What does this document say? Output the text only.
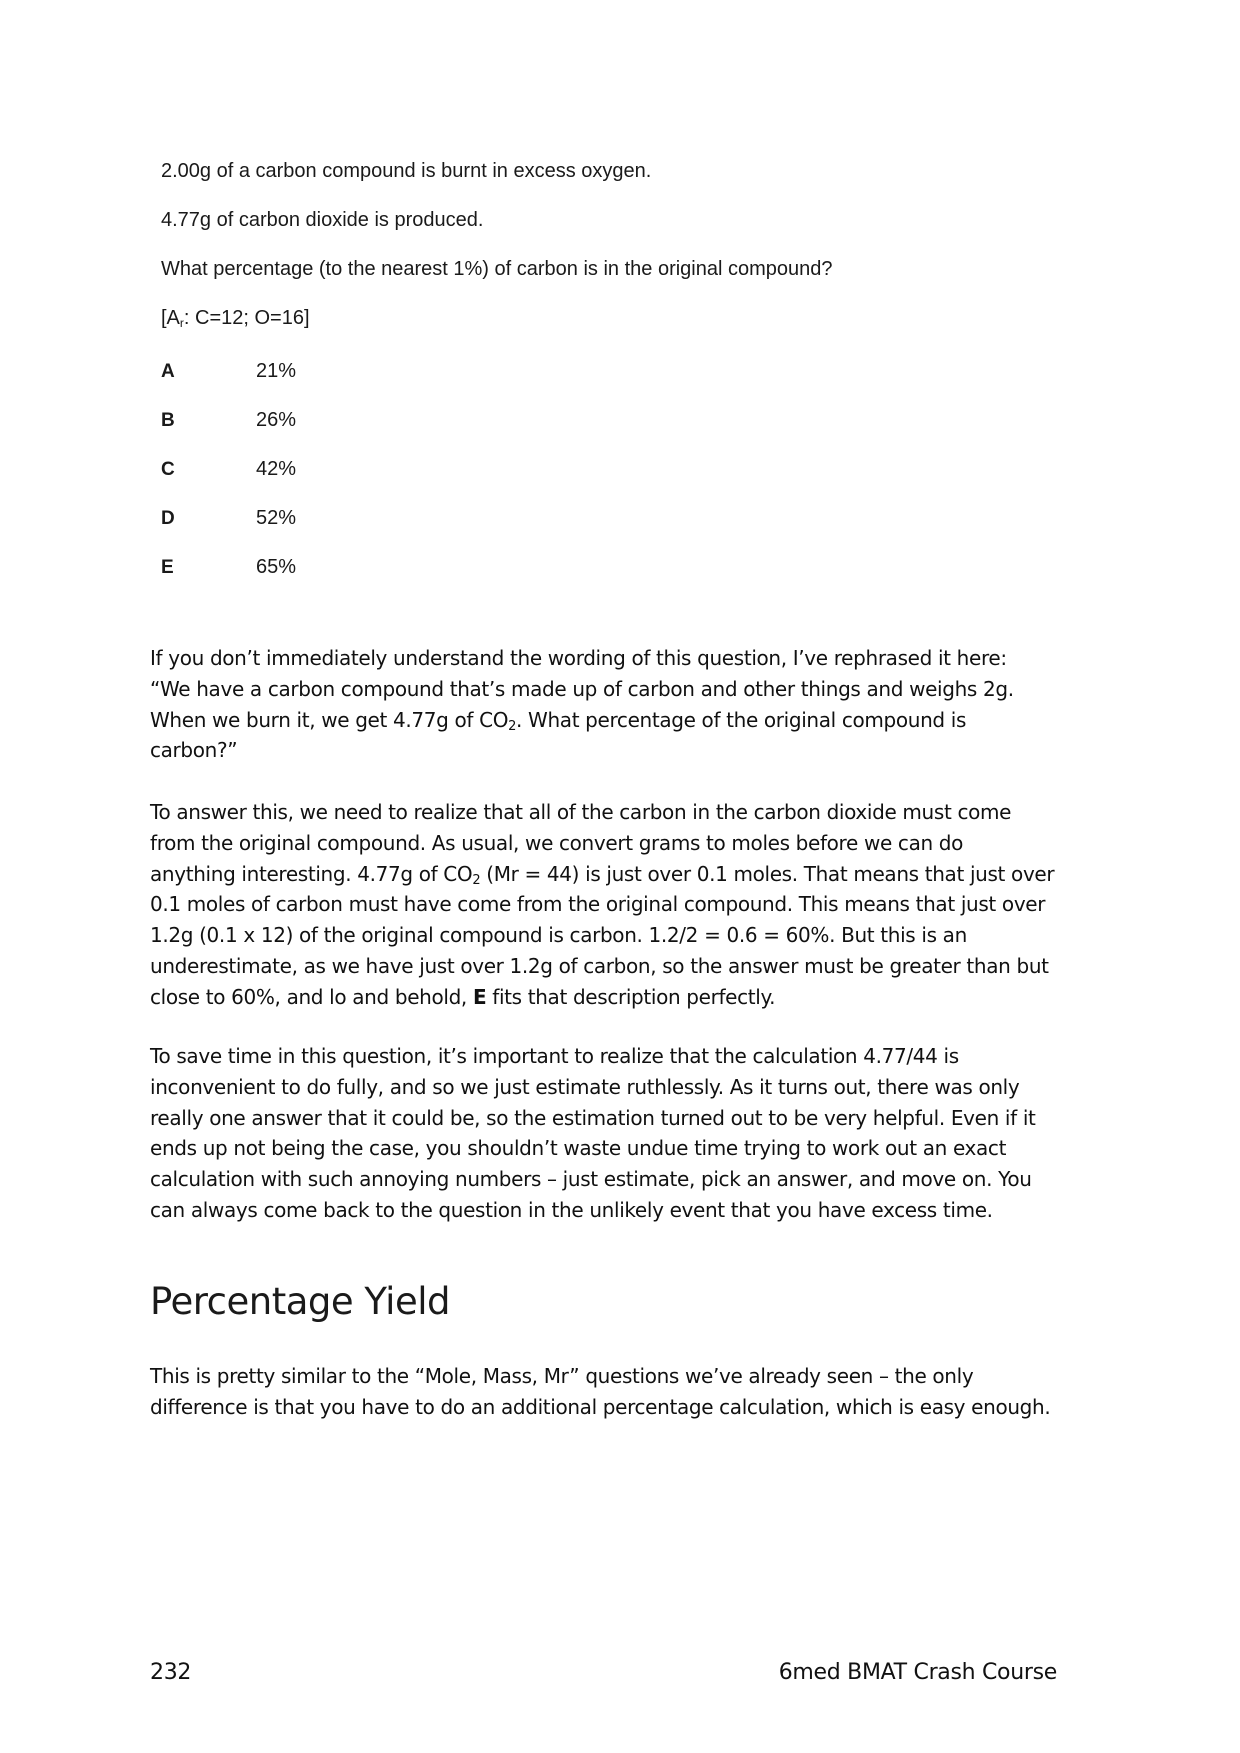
2.00g of a carbon compound is burnt in excess oxygen.
4.77g of carbon dioxide is produced.
What percentage (to the nearest 1%) of carbon is in the original compound?
[$A_r$: C=12; O=16]
A	21%
B	26%
C	42%
D	52%
E	65%
If you don’t immediately understand the wording of this question, I’ve rephrased it here:
“We have a carbon compound that’s made up of carbon and other things and weighs 2g.
When we burn it, we get 4.77g of $CO_2$. What percentage of the original compound is
carbon?”
To answer this, we need to realize that all of the carbon in the carbon dioxide must come
from the original compound. As usual, we convert grams to moles before we can do
anything interesting. 4.77g of $CO_2$ (Mr = 44) is just over 0.1 moles. That means that just over
0.1 moles of carbon must have come from the original compound. This means that just over
1.2g (0.1 x 12) of the original compound is carbon. 1.2/2 = 0.6 = 60%. But this is an
underestimate, as we have just over 1.2g of carbon, so the answer must be greater than but
close to 60%, and lo and behold, E fits that description perfectly.
To save time in this question, it’s important to realize that the calculation 4.77/44 is
inconvenient to do fully, and so we just estimate ruthlessly. As it turns out, there was only
really one answer that it could be, so the estimation turned out to be very helpful. Even if it
ends up not being the case, you shouldn’t waste undue time trying to work out an exact
calculation with such annoying numbers – just estimate, pick an answer, and move on. You
can always come back to the question in the unlikely event that you have excess time.
Percentage Yield
This is pretty similar to the “Mole, Mass, Mr” questions we’ve already seen – the only
difference is that you have to do an additional percentage calculation, which is easy enough.
232	6med BMAT Crash Course
